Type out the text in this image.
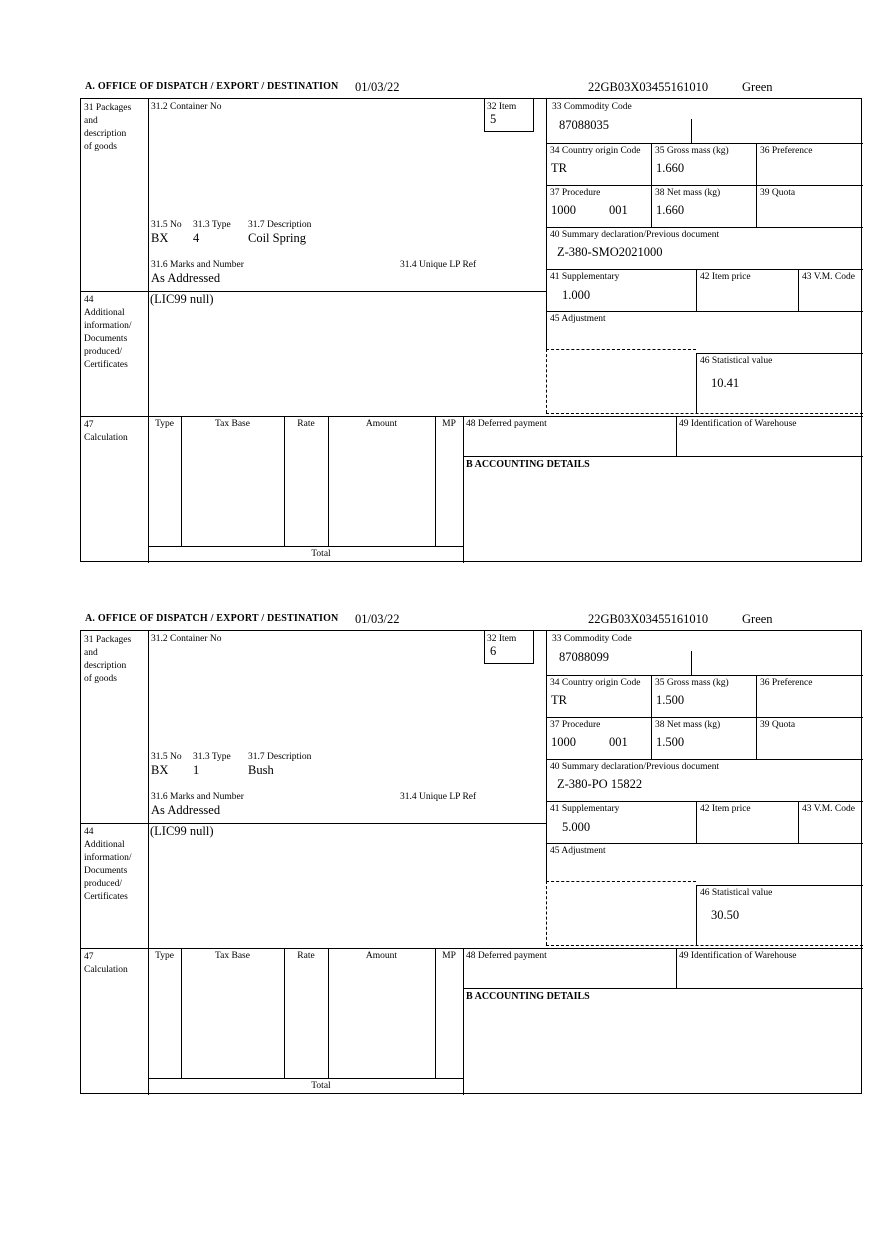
A. OFFICE OF DISPATCH / EXPORT / DESTINATION 01/03/22	22GB03X03455161010	Green
31 Packages
and
description
of goods
31.2 Container No	32 Item
5
33 Commodity Code
87088035
34 Country origin Code
TR
35 Gross mass (kg)
1.660
36 Preference
37 Procedure
1000	001
38 Net mass (kg)
1.660
39 Quota
31.5 No 31.3 Type 31.7 Description
BX 4	Coil Spring	40 Summary declaration/Previous document
Z-380-SMO2021000
31.6 Marks and Number	31.4 Unique LP Ref
As Addressed	41 Supplementary
1.000
42 Item price	43 V.M. Code
44
Additional
information/
Documents
produced/
Certificates
(LIC99 null)
45 Adjustment
46 Statistical value
10.41
47
Calculation
Type	Tax Base	Rate	Amount	MP
Total
48 Deferred payment	49 Identification of Warehouse
B ACCOUNTING DETAILS
A. OFFICE OF DISPATCH / EXPORT / DESTINATION 01/03/22	22GB03X03455161010	Green
31 Packages
and
description
of goods
31.2 Container No	32 Item
6
33 Commodity Code
87088099
34 Country origin Code
TR
35 Gross mass (kg)
1.500
36 Preference
37 Procedure
1000	001
38 Net mass (kg)
1.500
39 Quota
31.5 No 31.3 Type 31.7 Description
BX 1	Bush	40 Summary declaration/Previous document
Z-380-PO 15822
31.6 Marks and Number	31.4 Unique LP Ref
As Addressed	41 Supplementary
5.000
42 Item price	43 V.M. Code
44
Additional
information/
Documents
produced/
Certificates
(LIC99 null)
45 Adjustment
46 Statistical value
30.50
47
Calculation
Type	Tax Base	Rate	Amount	MP
Total
48 Deferred payment	49 Identification of Warehouse
B ACCOUNTING DETAILS
